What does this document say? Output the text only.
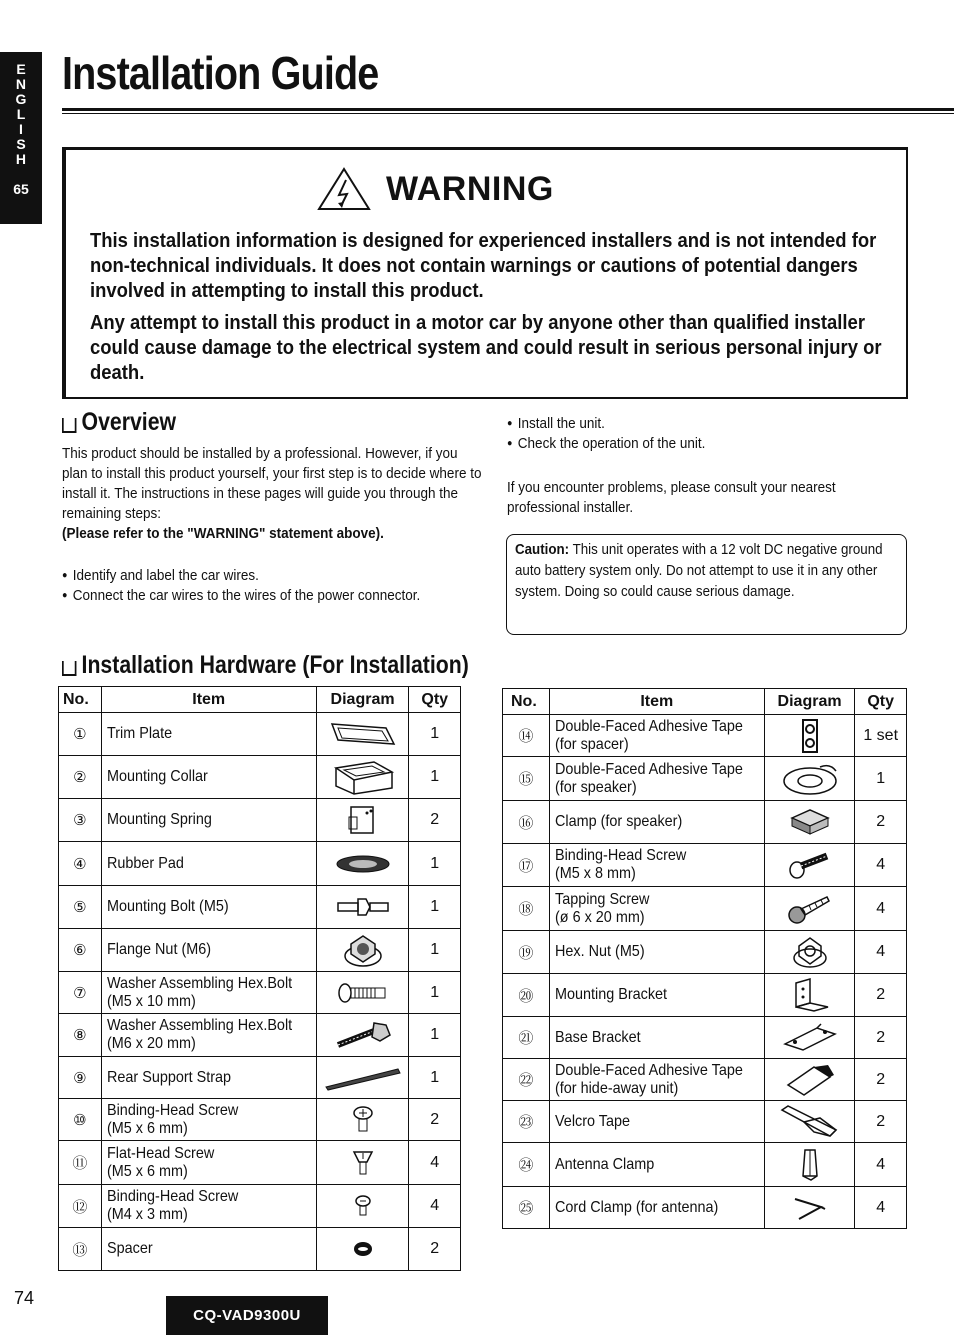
E
N
G
L
I
S
H
65
Installation Guide
WARNING

This installation information is designed for experienced installers and is not intended for non-technical individuals. It does not contain warnings or cautions of potential dangers involved in attempting to install this product.

Any attempt to install this product in a motor car by anyone other than qualified installer could cause damage to the electrical system and could result in serious personal injury or death.

Overview
This product should be installed by a professional. However, if you plan to install this product yourself, your first step is to decide where to install it. The instructions in these pages will guide you through the remaining steps:
(Please refer to the "WARNING" statement above).
● Identify and label the car wires.
● Connect the car wires to the wires of the power connector.
● Install the unit.
● Check the operation of the unit.

If you encounter problems, please consult your nearest professional installer.

Caution: This unit operates with a 12 volt DC negative ground auto battery system only. Do not attempt to use it in any other system. Doing so could cause serious damage.
Installation Hardware (For Installation)
No.	Item	Diagram	Qty
①	Trim Plate		1
②	Mounting Collar		1
③	Mounting Spring		2
④	Rubber Pad		1
⑤	Mounting Bolt (M5)		1
⑥	Flange Nut (M6)		1
⑦	Washer Assembling Hex.Bolt
(M5 x 10 mm)		1
⑧	Washer Assembling Hex.Bolt
(M6 x 20 mm)		1
⑨	Rear Support Strap		1
⑩	Binding-Head Screw
(M5 x 6 mm)		2
⑪	Flat-Head Screw
(M5 x 6 mm)		4
⑫	Binding-Head Screw
(M4 x 3 mm)		4
⑬	Spacer		2
No.	Item	Diagram	Qty
⑭	Double-Faced Adhesive Tape
(for spacer)		1 set
⑮	Double-Faced Adhesive Tape
(for speaker)		1
⑯	Clamp (for speaker)		2
⑰	Binding-Head Screw
(M5 x 8 mm)		4
⑱	Tapping Screw
(ø 6 x 20 mm)		4
⑲	Hex. Nut (M5)		4
⑳	Mounting Bracket		2
㉑	Base Bracket		2
㉒	Double-Faced Adhesive Tape
(for hide-away unit)		2
㉓	Velcro Tape		2
㉔	Antenna Clamp		4
㉕	Cord Clamp (for antenna)		4
74
CQ-VAD9300U
